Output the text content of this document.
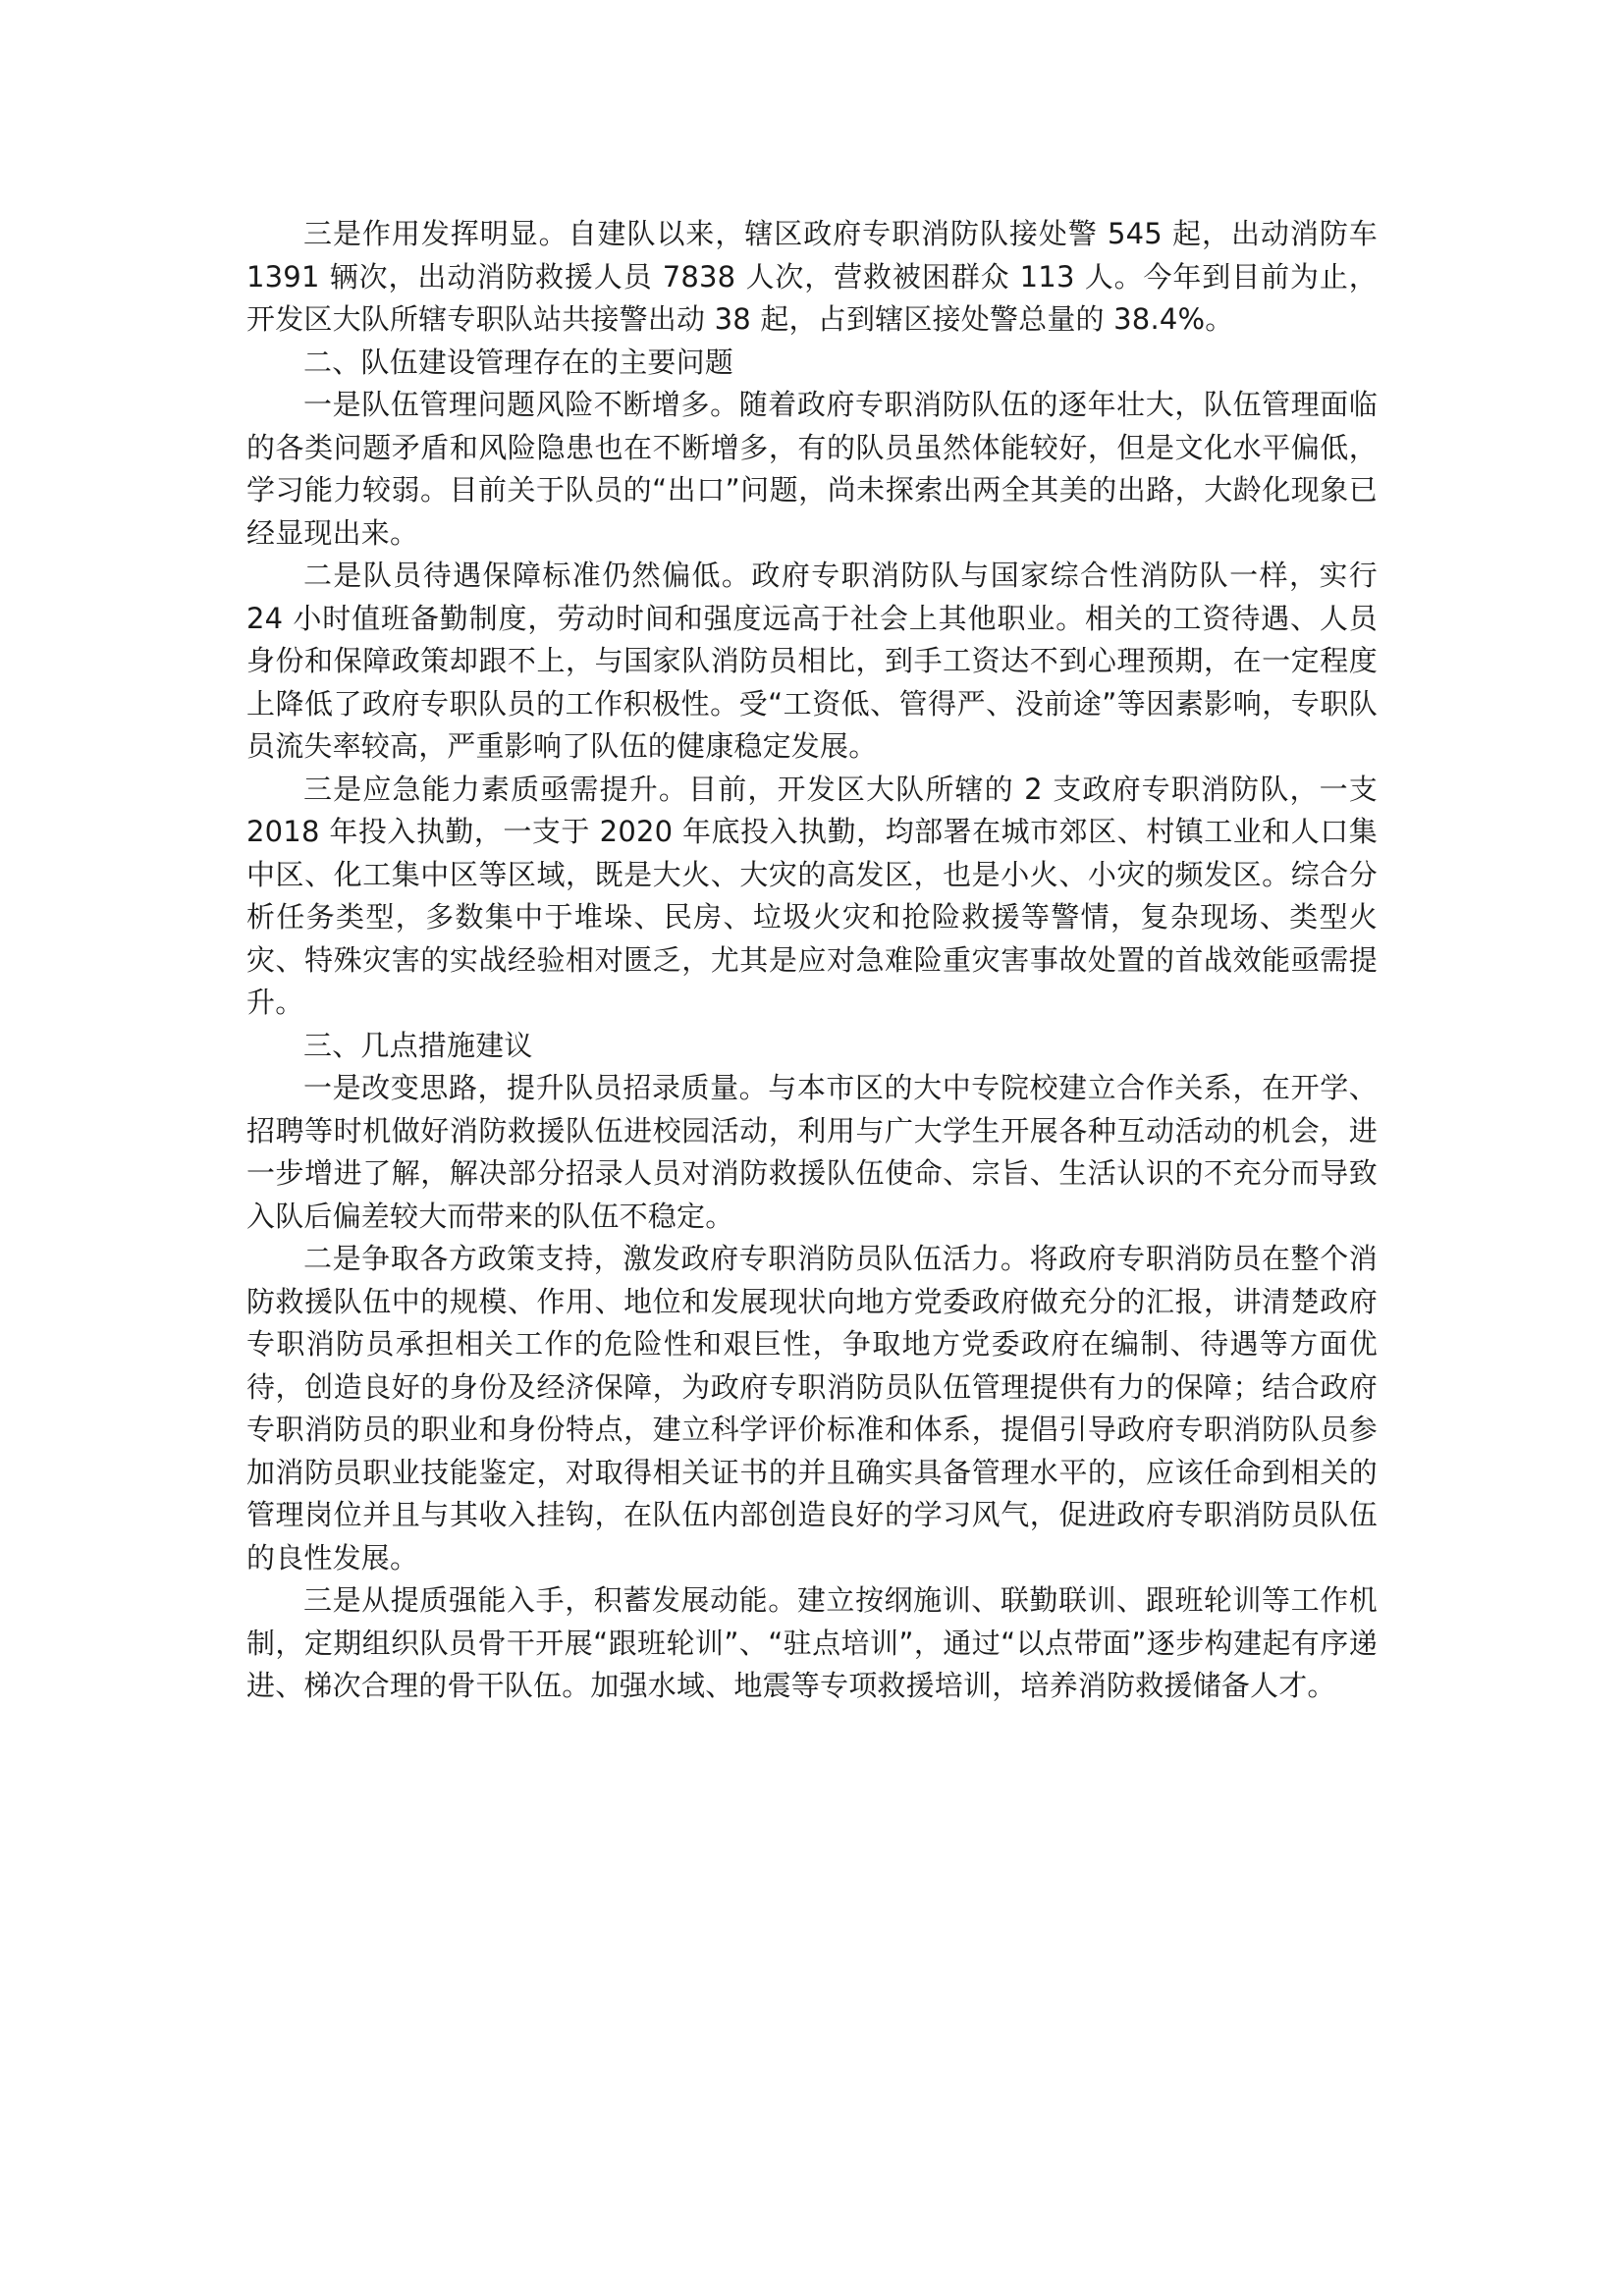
三是作用发挥明显。自建队以来，辖区政府专职消防队接处警 545 起，出动消防车 1391 辆次，出动消防救援人员 7838 人次，营救被困群众 113 人。今年到目前为止，开发区大队所辖专职队站共接警出动 38 起，占到辖区接处警总量的 38.4%。

二、队伍建设管理存在的主要问题

一是队伍管理问题风险不断增多。随着政府专职消防队伍的逐年壮大，队伍管理面临的各类问题矛盾和风险隐患也在不断增多，有的队员虽然体能较好，但是文化水平偏低，学习能力较弱。目前关于队员的“出口”问题，尚未探索出两全其美的出路，大龄化现象已经显现出来。

二是队员待遇保障标准仍然偏低。政府专职消防队与国家综合性消防队一样，实行 24 小时值班备勤制度，劳动时间和强度远高于社会上其他职业。相关的工资待遇、人员身份和保障政策却跟不上，与国家队消防员相比，到手工资达不到心理预期，在一定程度上降低了政府专职队员的工作积极性。受“工资低、管得严、没前途”等因素影响，专职队员流失率较高，严重影响了队伍的健康稳定发展。

三是应急能力素质亟需提升。目前，开发区大队所辖的 2 支政府专职消防队，一支 2018 年投入执勤，一支于 2020 年底投入执勤，均部署在城市郊区、村镇工业和人口集中区、化工集中区等区域，既是大火、大灾的高发区，也是小火、小灾的频发区。综合分析任务类型，多数集中于堆垛、民房、垃圾火灾和抢险救援等警情，复杂现场、类型火灾、特殊灾害的实战经验相对匮乏，尤其是应对急难险重灾害事故处置的首战效能亟需提升。

三、几点措施建议

一是改变思路，提升队员招录质量。与本市区的大中专院校建立合作关系，在开学、招聘等时机做好消防救援队伍进校园活动，利用与广大学生开展各种互动活动的机会，进一步增进了解，解决部分招录人员对消防救援队伍使命、宗旨、生活认识的不充分而导致入队后偏差较大而带来的队伍不稳定。

二是争取各方政策支持，激发政府专职消防员队伍活力。将政府专职消防员在整个消防救援队伍中的规模、作用、地位和发展现状向地方党委政府做充分的汇报，讲清楚政府专职消防员承担相关工作的危险性和艰巨性，争取地方党委政府在编制、待遇等方面优待，创造良好的身份及经济保障，为政府专职消防员队伍管理提供有力的保障；结合政府专职消防员的职业和身份特点，建立科学评价标准和体系，提倡引导政府专职消防队员参加消防员职业技能鉴定，对取得相关证书的并且确实具备管理水平的，应该任命到相关的管理岗位并且与其收入挂钩，在队伍内部创造良好的学习风气，促进政府专职消防员队伍的良性发展。

三是从提质强能入手，积蓄发展动能。建立按纲施训、联勤联训、跟班轮训等工作机制，定期组织队员骨干开展“跟班轮训”、“驻点培训”，通过“以点带面”逐步构建起有序递进、梯次合理的骨干队伍。加强水域、地震等专项救援培训，培养消防救援储备人才。
